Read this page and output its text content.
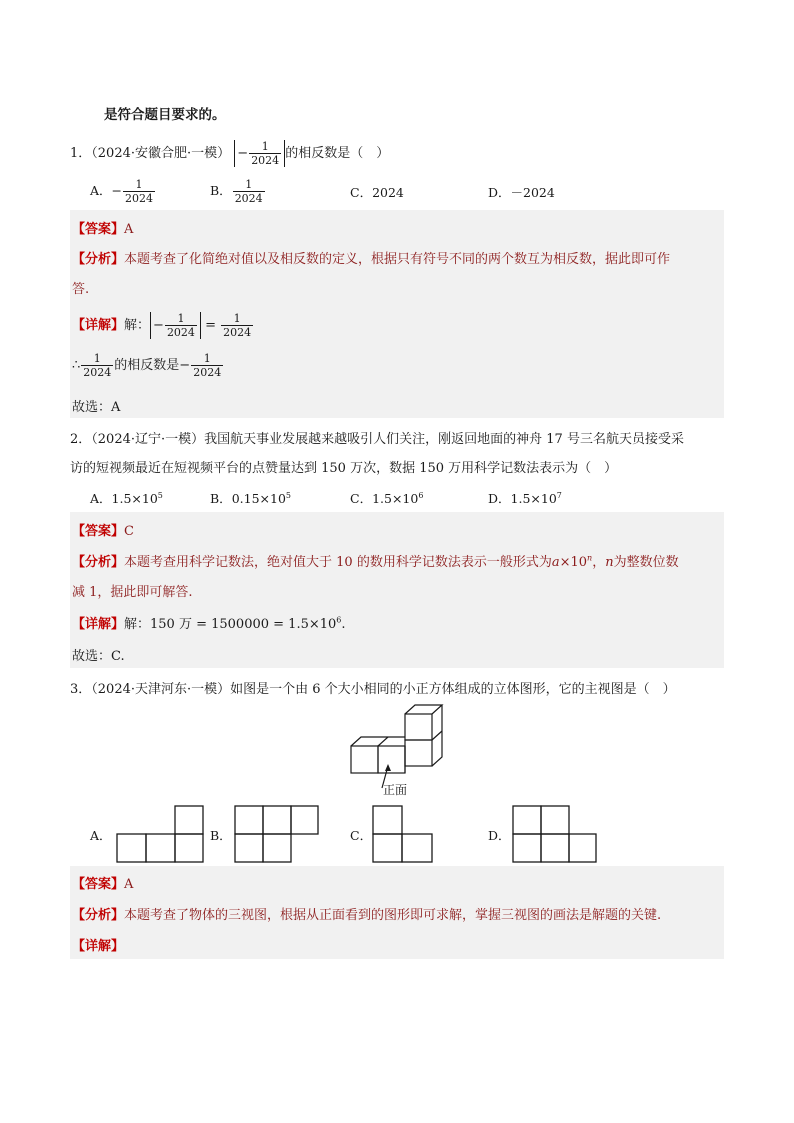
是符合题目要求的。
1．（2024·安徽合肥·一模） − $\frac{1}{2024}$ 的相反数是（　）
A．− $\frac{1}{2024}$	B． $\frac{1}{2024}$	C．2024	D．－2024
【答案】A
【分析】本题考查了化简绝对值以及相反数的定义，根据只有符号不同的两个数互为相反数，据此即可作
答.
【详解】解： − $\frac{1}{2024} = \frac{1}{2024}$
∴ $\frac{1}{2024}$ 的相反数是− $\frac{1}{2024}$
故选：A
2．（2024·辽宁·一模）我国航天事业发展越来越吸引人们关注，刚返回地面的神舟 17 号三名航天员接受采
访的短视频最近在短视频平台的点赞量达到 150 万次，数据 150 万用科学记数法表示为（　）
A．$1.5\times 10^5$	B．$0.15\times 10^5$	C．$1.5\times 10^6$	D．$1.5\times 10^7$
【答案】C
【分析】本题考查用科学记数法，绝对值大于 10 的数用科学记数法表示一般形式为$a\times 10^n$，n为整数位数
减 1，据此即可解答.
【详解】解：150 万 = $1500000 = 1.5\times 10^6$.
故选：C.
3．（2024·天津河东·一模）如图是一个由 6 个大小相同的小正方体组成的立体图形，它的主视图是（　）
正面
A．	B．	C．	D．
【答案】A
【分析】本题考查了物体的三视图，根据从正面看到的图形即可求解，掌握三视图的画法是解题的关键.
【详解】
